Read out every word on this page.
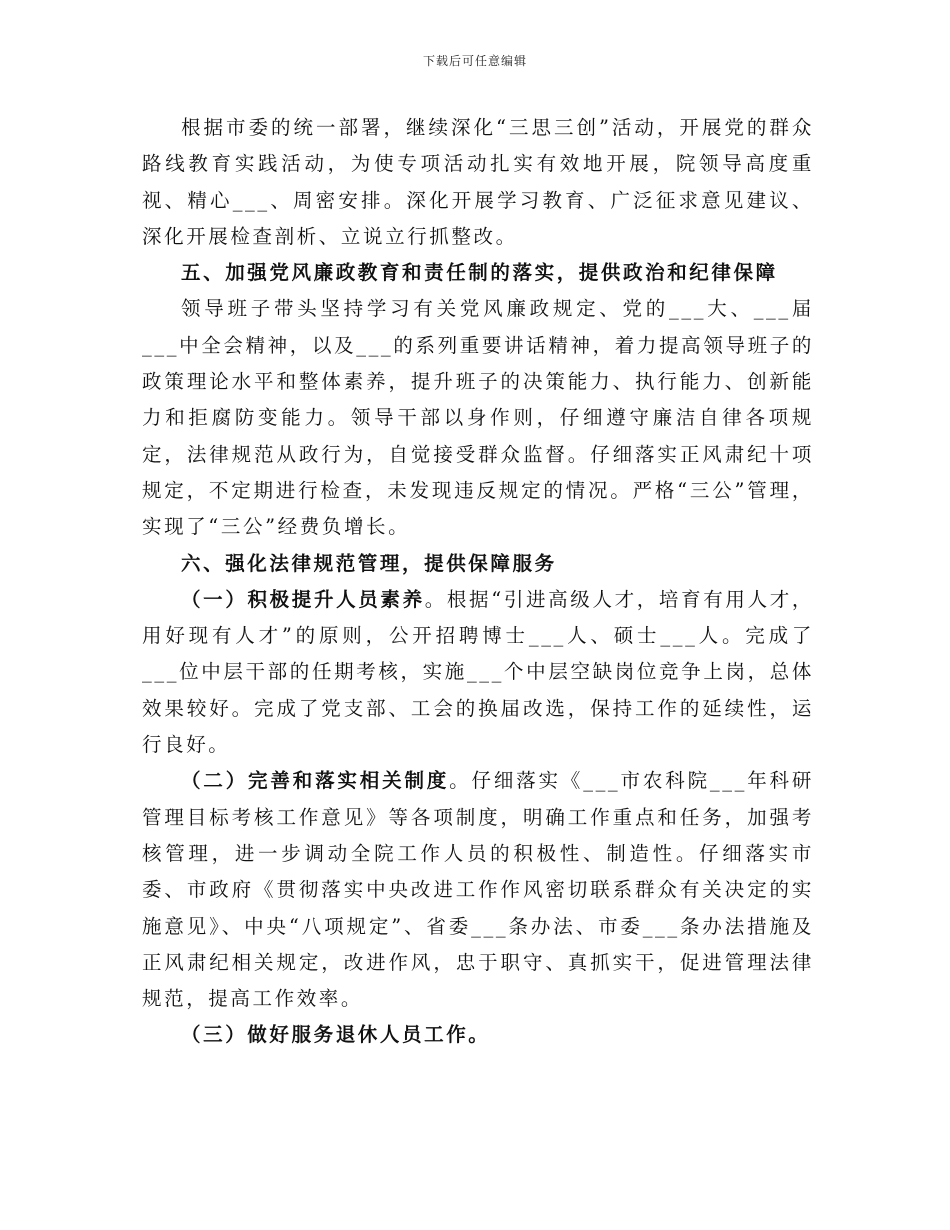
下载后可任意编辑

根据市委的统一部署，继续深化“三思三创”活动，开展党的群众路线教育实践活动，为使专项活动扎实有效地开展，院领导高度重视、精心___、周密安排。深化开展学习教育、广泛征求意见建议、深化开展检查剖析、立说立行抓整改。

五、加强党风廉政教育和责任制的落实，提供政治和纪律保障

领导班子带头坚持学习有关党风廉政规定、党的___大、___届___中全会精神，以及___的系列重要讲话精神，着力提高领导班子的政策理论水平和整体素养，提升班子的决策能力、执行能力、创新能力和拒腐防变能力。领导干部以身作则，仔细遵守廉洁自律各项规定，法律规范从政行为，自觉接受群众监督。仔细落实正风肃纪十项规定，不定期进行检查，未发现违反规定的情况。严格“三公”管理，实现了“三公”经费负增长。

六、强化法律规范管理，提供保障服务

（一）积极提升人员素养。根据“引进高级人才，培育有用人才，用好现有人才”的原则，公开招聘博士___人、硕士___人。完成了___位中层干部的任期考核，实施___个中层空缺岗位竞争上岗，总体效果较好。完成了党支部、工会的换届改选，保持工作的延续性，运行良好。

（二）完善和落实相关制度。仔细落实《___市农科院___年科研管理目标考核工作意见》等各项制度，明确工作重点和任务，加强考核管理，进一步调动全院工作人员的积极性、制造性。仔细落实市委、市政府《贯彻落实中央改进工作作风密切联系群众有关决定的实施意见》、中央“八项规定”、省委___条办法、市委___条办法措施及正风肃纪相关规定，改进作风，忠于职守、真抓实干，促进管理法律规范，提高工作效率。

（三）做好服务退休人员工作。
